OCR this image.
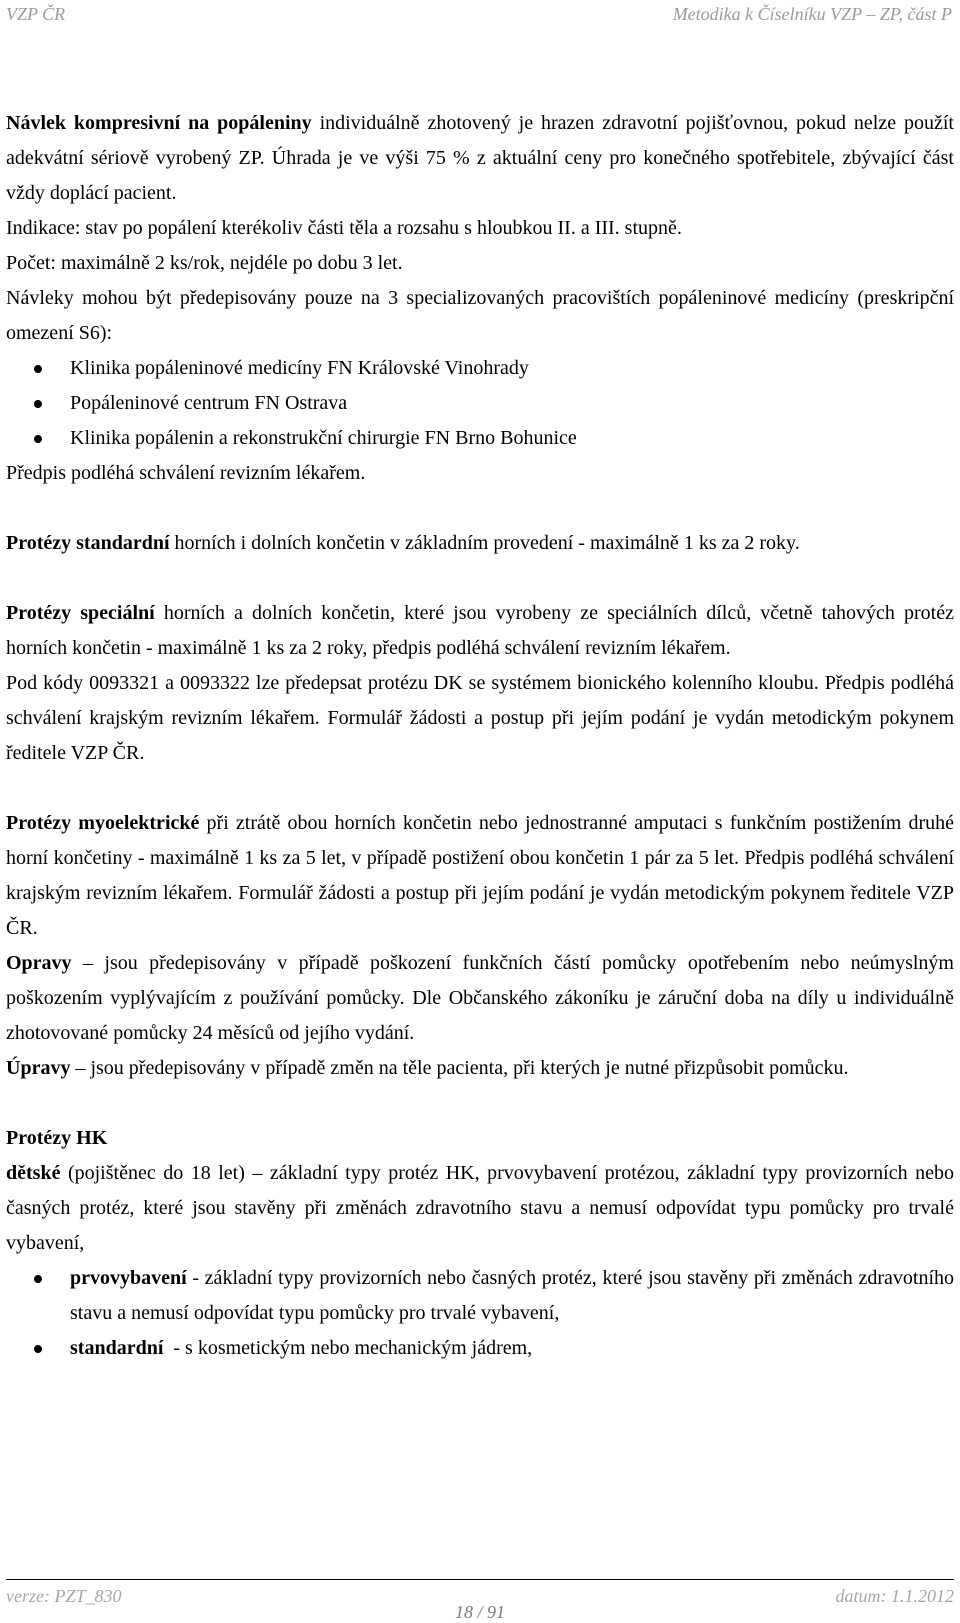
VZP ČR	Metodika k Číselníku VZP – ZP, část P

Návlek kompresivní na popáleniny individuálně zhotovený je hrazen zdravotní pojišťovnou, pokud nelze použít adekvátní sériově vyrobený ZP. Úhrada je ve výši 75 % z aktuální ceny pro konečného spotřebitele, zbývající část vždy doplácí pacient.

Indikace: stav po popálení kterékoliv části těla a rozsahu s hloubkou II. a III. stupně.

Počet: maximálně 2 ks/rok, nejdéle po dobu 3 let.

Návleky mohou být předepisovány pouze na 3 specializovaných pracovištích popáleninové medicíny (preskripční omezení S6):

Klinika popáleninové medicíny FN Královské Vinohrady
Popáleninové centrum FN Ostrava
Klinika popálenin a rekonstrukční chirurgie FN Brno Bohunice

Předpis podléhá schválení revizním lékařem.

Protézy standardní horních i dolních končetin v základním provedení - maximálně 1 ks za 2 roky.

Protézy speciální horních a dolních končetin, které jsou vyrobeny ze speciálních dílců, včetně tahových protéz horních končetin - maximálně 1 ks za 2 roky, předpis podléhá schválení revizním lékařem.

Pod kódy 0093321 a 0093322 lze předepsat protézu DK se systémem bionického kolenního kloubu. Předpis podléhá schválení krajským revizním lékařem. Formulář žádosti a postup při jejím podání je vydán metodickým pokynem ředitele VZP ČR.

Protézy myoelektrické při ztrátě obou horních končetin nebo jednostranné amputaci s funkčním postižením druhé horní končetiny - maximálně 1 ks za 5 let, v případě postižení obou končetin 1 pár za 5 let. Předpis podléhá schválení krajským revizním lékařem. Formulář žádosti a postup při jejím podání je vydán metodickým pokynem ředitele VZP ČR.

Opravy – jsou předepisovány v případě poškození funkčních částí pomůcky opotřebením nebo neúmyslným poškozením vyplývajícím z používání pomůcky. Dle Občanského zákoníku je záruční doba na díly u individuálně zhotovované pomůcky 24 měsíců od jejího vydání.

Úpravy – jsou předepisovány v případě změn na těle pacienta, při kterých je nutné přizpůsobit pomůcku.

Protézy HK

dětské (pojištěnec do 18 let) – základní typy protéz HK, prvovybavení protézou, základní typy provizorních nebo časných protéz, které jsou stavěny při změnách zdravotního stavu a nemusí odpovídat typu pomůcky pro trvalé vybavení,

prvovybavení - základní typy provizorních nebo časných protéz, které jsou stavěny při změnách zdravotního stavu a nemusí odpovídat typu pomůcky pro trvalé vybavení,
standardní  - s kosmetickým nebo mechanickým jádrem,
verze: PZT_830	datum: 1.1.2012
18 / 91
